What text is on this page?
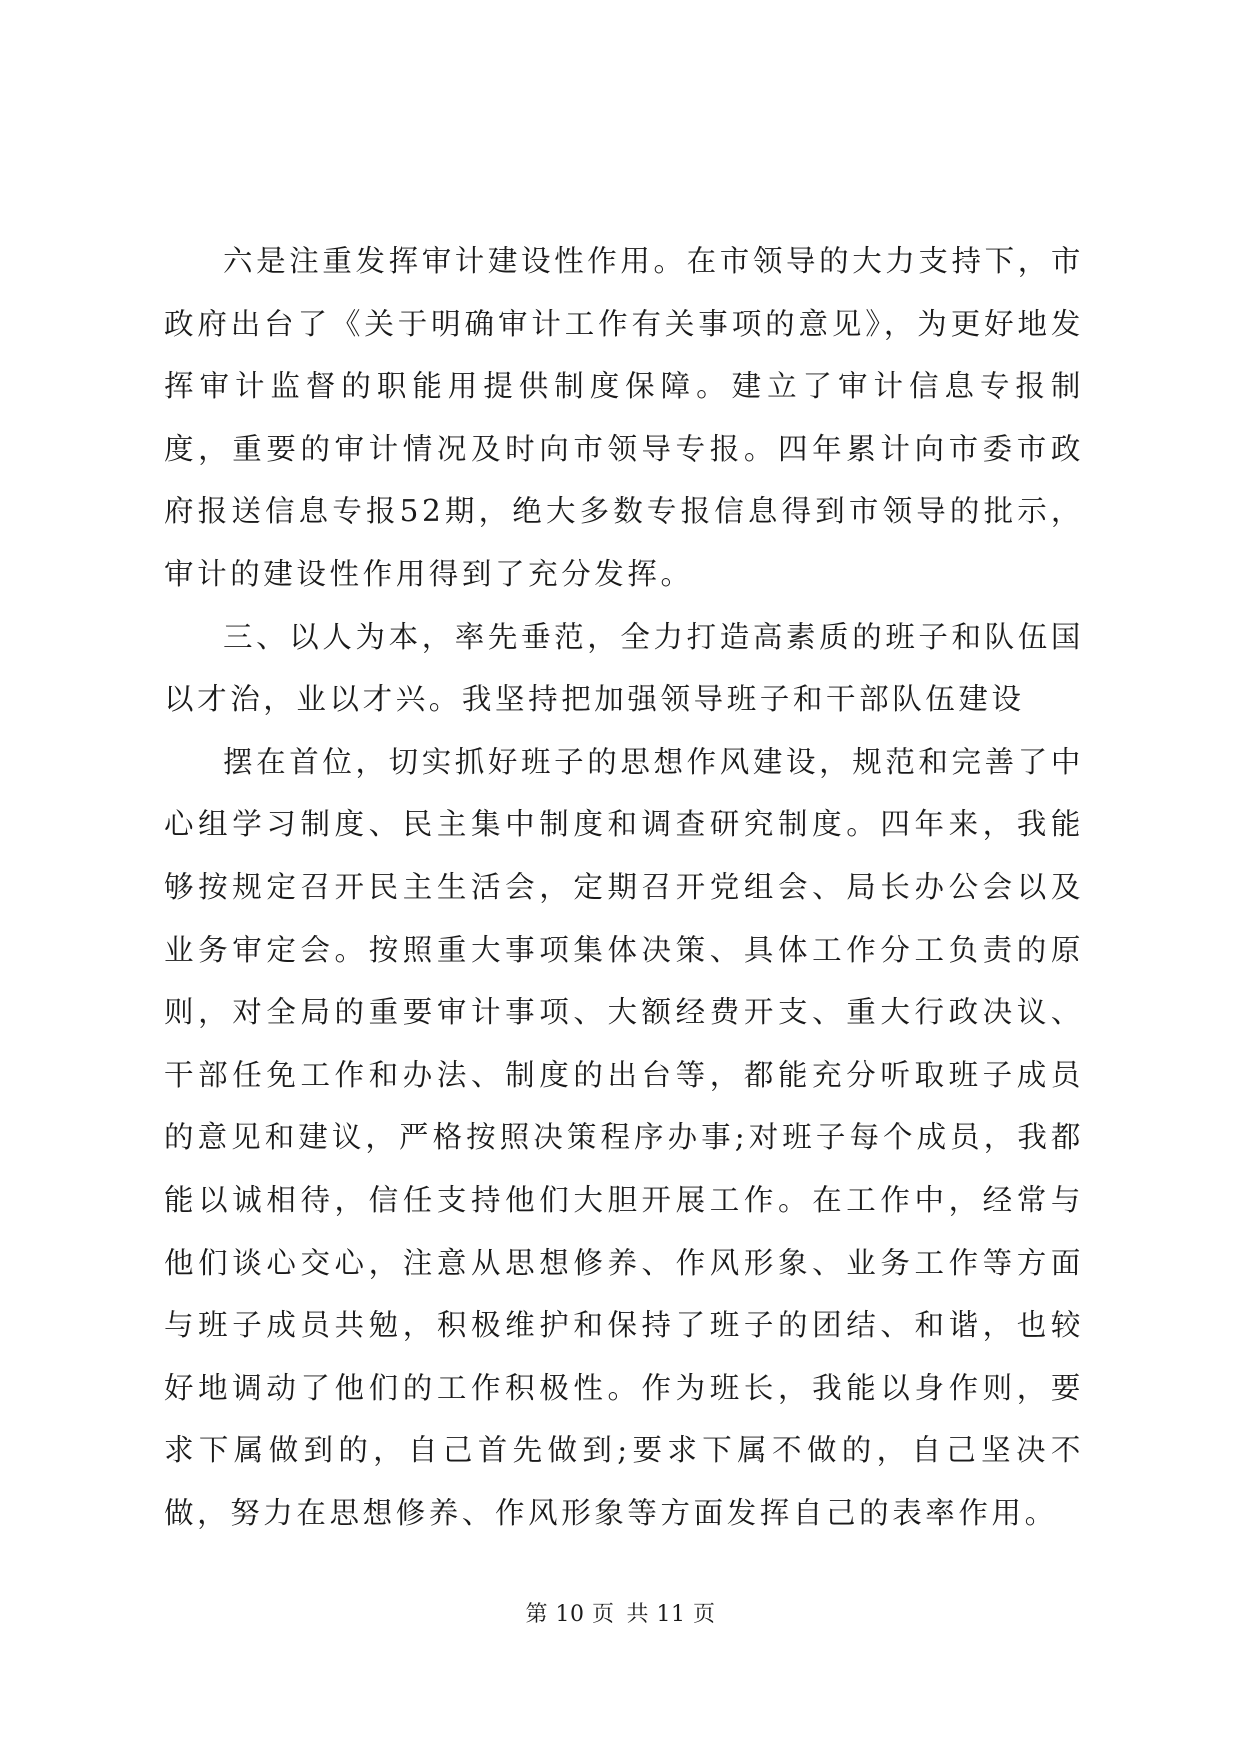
六是注重发挥审计建设性作用。在市领导的大力支持下，市政府出台了《关于明确审计工作有关事项的意见》，为更好地发挥审计监督的职能用提供制度保障。建立了审计信息专报制度，重要的审计情况及时向市领导专报。四年累计向市委市政府报送信息专报52期，绝大多数专报信息得到市领导的批示，审计的建设性作用得到了充分发挥。

三、以人为本，率先垂范，全力打造高素质的班子和队伍国以才治，业以才兴。我坚持把加强领导班子和干部队伍建设

摆在首位，切实抓好班子的思想作风建设，规范和完善了中心组学习制度、民主集中制度和调查研究制度。四年来，我能够按规定召开民主生活会，定期召开党组会、局长办公会以及业务审定会。按照重大事项集体决策、具体工作分工负责的原则，对全局的重要审计事项、大额经费开支、重大行政决议、干部任免工作和办法、制度的出台等，都能充分听取班子成员的意见和建议，严格按照决策程序办事;对班子每个成员，我都能以诚相待，信任支持他们大胆开展工作。在工作中，经常与他们谈心交心，注意从思想修养、作风形象、业务工作等方面与班子成员共勉，积极维护和保持了班子的团结、和谐，也较好地调动了他们的工作积极性。作为班长，我能以身作则，要求下属做到的，自己首先做到;要求下属不做的，自己坚决不做，努力在思想修养、作风形象等方面发挥自己的表率作用。

第 10 页 共 11 页
